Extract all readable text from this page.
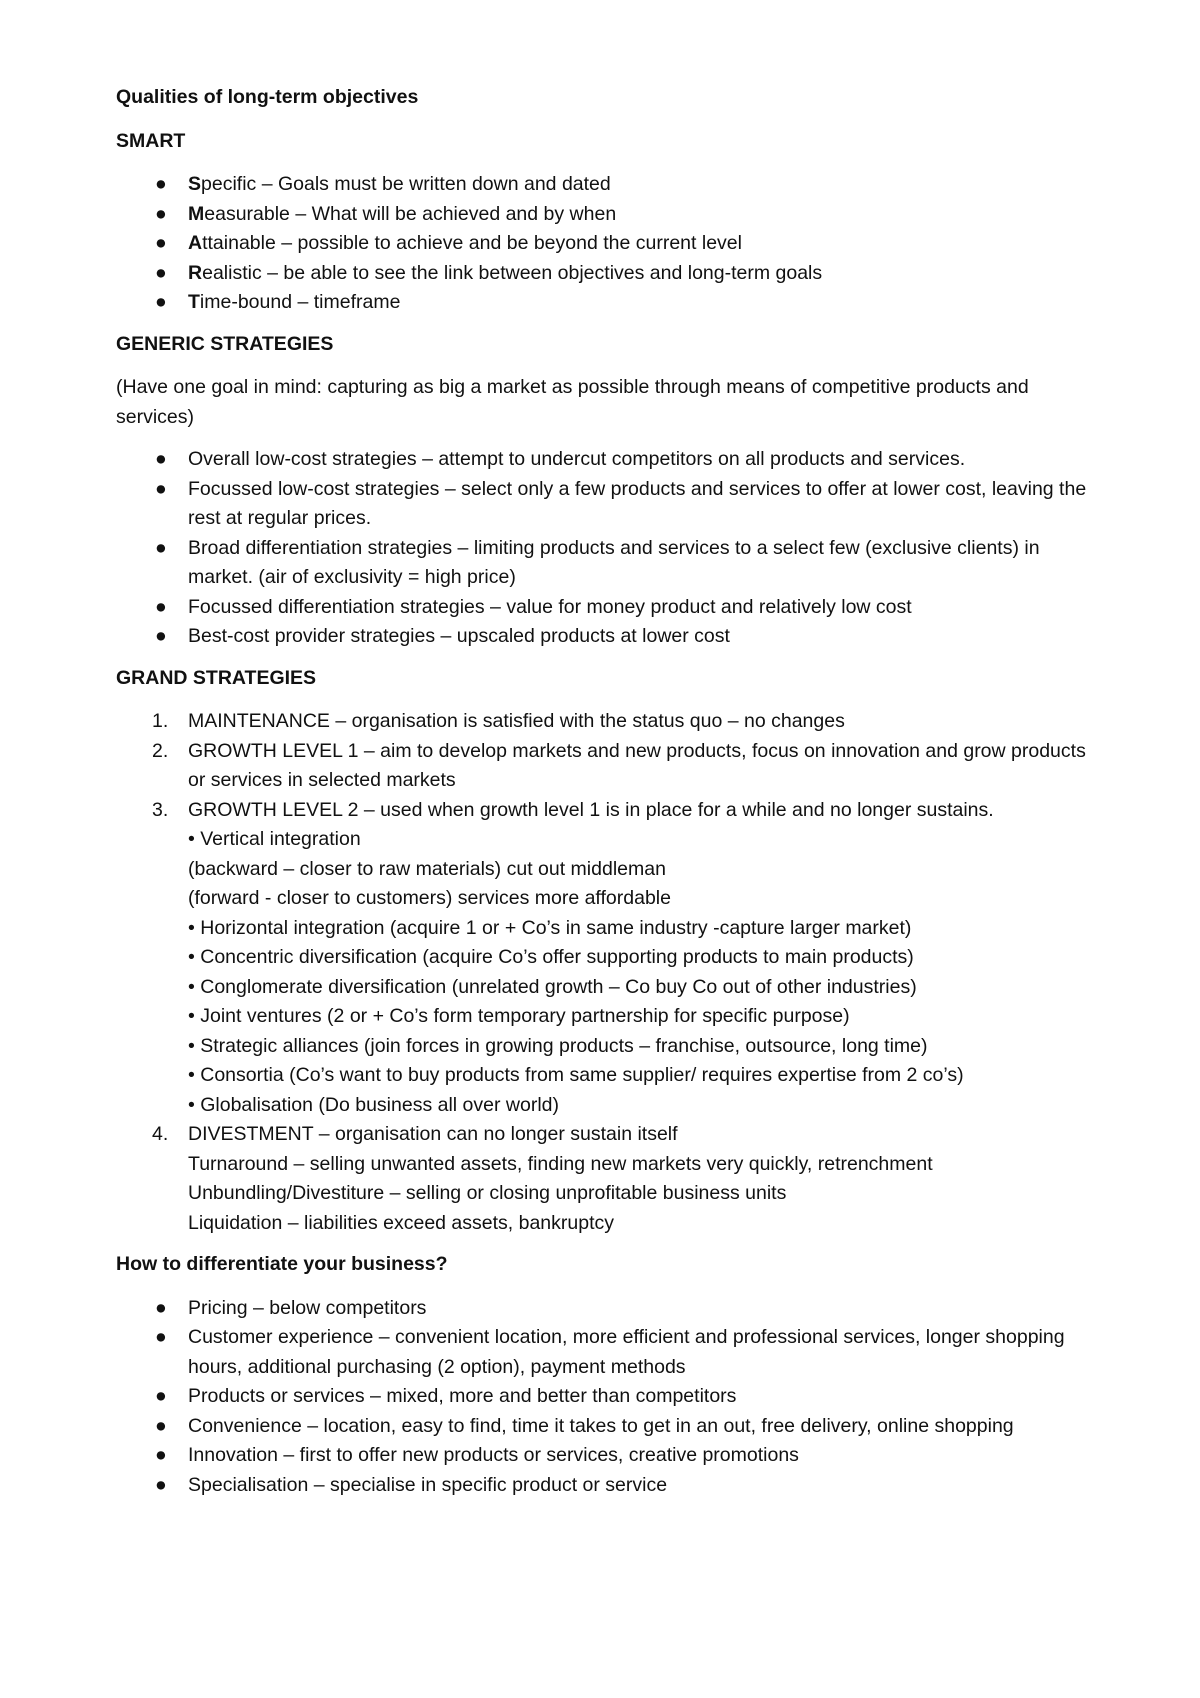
Qualities of long-term objectives
SMART
● Specific – Goals must be written down and dated
● Measurable – What will be achieved and by when
● Attainable – possible to achieve and be beyond the current level
● Realistic – be able to see the link between objectives and long-term goals
● Time-bound – timeframe
GENERIC STRATEGIES
(Have one goal in mind: capturing as big a market as possible through means of competitive products and services)
● Overall low-cost strategies – attempt to undercut competitors on all products and services.
● Focussed low-cost strategies – select only a few products and services to offer at lower cost, leaving the rest at regular prices.
● Broad differentiation strategies – limiting products and services to a select few (exclusive clients) in market. (air of exclusivity = high price)
● Focussed differentiation strategies – value for money product and relatively low cost
● Best-cost provider strategies – upscaled products at lower cost
GRAND STRATEGIES
1. MAINTENANCE – organisation is satisfied with the status quo – no changes
2. GROWTH LEVEL 1 – aim to develop markets and new products, focus on innovation and grow products or services in selected markets
3. GROWTH LEVEL 2 – used when growth level 1 is in place for a while and no longer sustains.
• Vertical integration
(backward – closer to raw materials) cut out middleman
(forward - closer to customers) services more affordable
• Horizontal integration (acquire 1 or + Co’s in same industry -capture larger market)
• Concentric diversification (acquire Co’s offer supporting products to main products)
• Conglomerate diversification (unrelated growth – Co buy Co out of other industries)
• Joint ventures (2 or + Co’s form temporary partnership for specific purpose)
• Strategic alliances (join forces in growing products – franchise, outsource, long time)
• Consortia (Co’s want to buy products from same supplier/ requires expertise from 2 co’s)
• Globalisation (Do business all over world)
4. DIVESTMENT – organisation can no longer sustain itself
Turnaround – selling unwanted assets, finding new markets very quickly, retrenchment
Unbundling/Divestiture – selling or closing unprofitable business units
Liquidation – liabilities exceed assets, bankruptcy
How to differentiate your business?
● Pricing – below competitors
● Customer experience – convenient location, more efficient and professional services, longer shopping hours, additional purchasing (2 option), payment methods
● Products or services – mixed, more and better than competitors
● Convenience – location, easy to find, time it takes to get in an out, free delivery, online shopping
● Innovation – first to offer new products or services, creative promotions
● Specialisation – specialise in specific product or service
